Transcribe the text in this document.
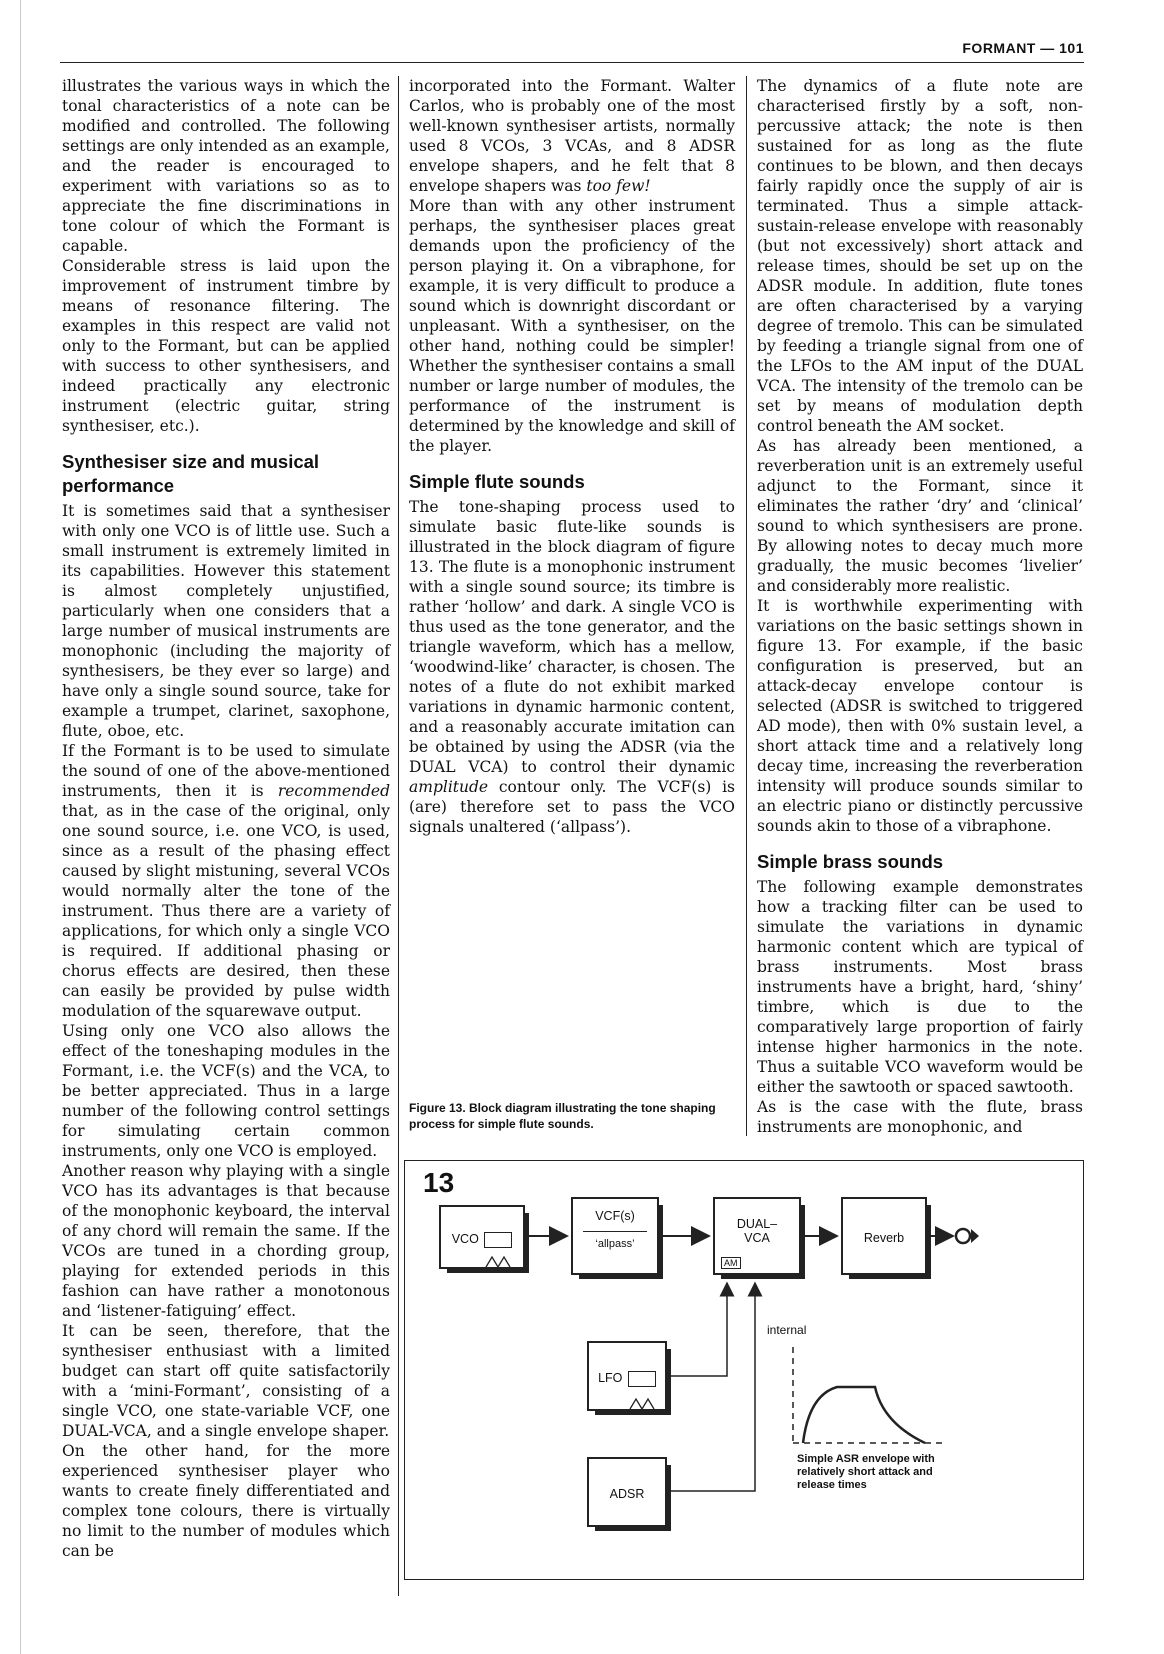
FORMANT — 101

illustrates the various ways in which the tonal characteristics of a note can be modified and controlled. The following settings are only intended as an example, and the reader is encouraged to experiment with variations so as to appreciate the fine discriminations in tone colour of which the Formant is capable.

Considerable stress is laid upon the improvement of instrument timbre by means of resonance filtering. The examples in this respect are valid not only to the Formant, but can be applied with success to other synthesisers, and indeed practically any electronic instrument (electric guitar, string synthesiser, etc.).

Synthesiser size and musical performance

It is sometimes said that a synthesiser with only one VCO is of little use. Such a small instrument is extremely limited in its capabilities. However this statement is almost completely unjustified, particularly when one considers that a large number of musical instruments are monophonic (including the majority of synthesisers, be they ever so large) and have only a single sound source, take for example a trumpet, clarinet, saxophone, flute, oboe, etc.

If the Formant is to be used to simulate the sound of one of the above-mentioned instruments, then it is recommended that, as in the case of the original, only one sound source, i.e. one VCO, is used, since as a result of the phasing effect caused by slight mistuning, several VCOs would normally alter the tone of the instrument. Thus there are a variety of applications, for which only a single VCO is required. If additional phasing or chorus effects are desired, then these can easily be provided by pulse width modulation of the squarewave output.

Using only one VCO also allows the effect of the toneshaping modules in the Formant, i.e. the VCF(s) and the VCA, to be better appreciated. Thus in a large number of the following control settings for simulating certain common instruments, only one VCO is employed.

Another reason why playing with a single VCO has its advantages is that because of the monophonic keyboard, the interval of any chord will remain the same. If the VCOs are tuned in a chording group, playing for extended periods in this fashion can have rather a monotonous and ‘listener-fatiguing’ effect.

It can be seen, therefore, that the synthesiser enthusiast with a limited budget can start off quite satisfactorily with a ‘mini-Formant’, consisting of a single VCO, one state-variable VCF, one DUAL-VCA, and a single envelope shaper.

On the other hand, for the more experienced synthesiser player who wants to create finely differentiated and complex tone colours, there is virtually no limit to the number of modules which can be

incorporated into the Formant. Walter Carlos, who is probably one of the most well-known synthesiser artists, normally used 8 VCOs, 3 VCAs, and 8 ADSR envelope shapers, and he felt that 8 envelope shapers was too few!

More than with any other instrument perhaps, the synthesiser places great demands upon the proficiency of the person playing it. On a vibraphone, for example, it is very difficult to produce a sound which is downright discordant or unpleasant. With a synthesiser, on the other hand, nothing could be simpler! Whether the synthesiser contains a small number or large number of modules, the performance of the instrument is determined by the knowledge and skill of the player.

Simple flute sounds

The tone-shaping process used to simulate basic flute-like sounds is illustrated in the block diagram of figure 13. The flute is a monophonic instrument with a single sound source; its timbre is rather ‘hollow’ and dark. A single VCO is thus used as the tone generator, and the triangle waveform, which has a mellow, ‘woodwind-like’ character, is chosen. The notes of a flute do not exhibit marked variations in dynamic harmonic content, and a reasonably accurate imitation can be obtained by using the ADSR (via the DUAL VCA) to control their dynamic amplitude contour only. The VCF(s) is (are) therefore set to pass the VCO signals unaltered (‘allpass’).

The dynamics of a flute note are characterised firstly by a soft, non-percussive attack; the note is then sustained for as long as the flute continues to be blown, and then decays fairly rapidly once the supply of air is terminated. Thus a simple attack-sustain-release envelope with reasonably (but not excessively) short attack and release times, should be set up on the ADSR module. In addition, flute tones are often characterised by a varying degree of tremolo. This can be simulated by feeding a triangle signal from one of the LFOs to the AM input of the DUAL VCA. The intensity of the tremolo can be set by means of modulation depth control beneath the AM socket.

As has already been mentioned, a reverberation unit is an extremely useful adjunct to the Formant, since it eliminates the rather ‘dry’ and ‘clinical’ sound to which synthesisers are prone. By allowing notes to decay much more gradually, the music becomes ‘livelier’ and considerably more realistic.

It is worthwhile experimenting with variations on the basic settings shown in figure 13. For example, if the basic configuration is preserved, but an attack-decay envelope contour is selected (ADSR is switched to triggered AD mode), then with 0% sustain level, a short attack time and a relatively long decay time, increasing the reverberation intensity will produce sounds similar to an electric piano or distinctly percussive sounds akin to those of a vibraphone.

Simple brass sounds

The following example demonstrates how a tracking filter can be used to simulate the variations in dynamic harmonic content which are typical of brass instruments. Most brass instruments have a bright, hard, ‘shiny’ timbre, which is due to the comparatively large proportion of fairly intense higher harmonics in the note. Thus a suitable VCO waveform would be either the sawtooth or spaced sawtooth.

As is the case with the flute, brass instruments are monophonic, and

Figure 13. Block diagram illustrating the tone shaping process for simple flute sounds.
13
VCO
VCF(s)
‘allpass’
DUAL–
VCA
AM
Reverb
LFO
ADSR
internal
Simple ASR envelope with relatively short attack and release times
